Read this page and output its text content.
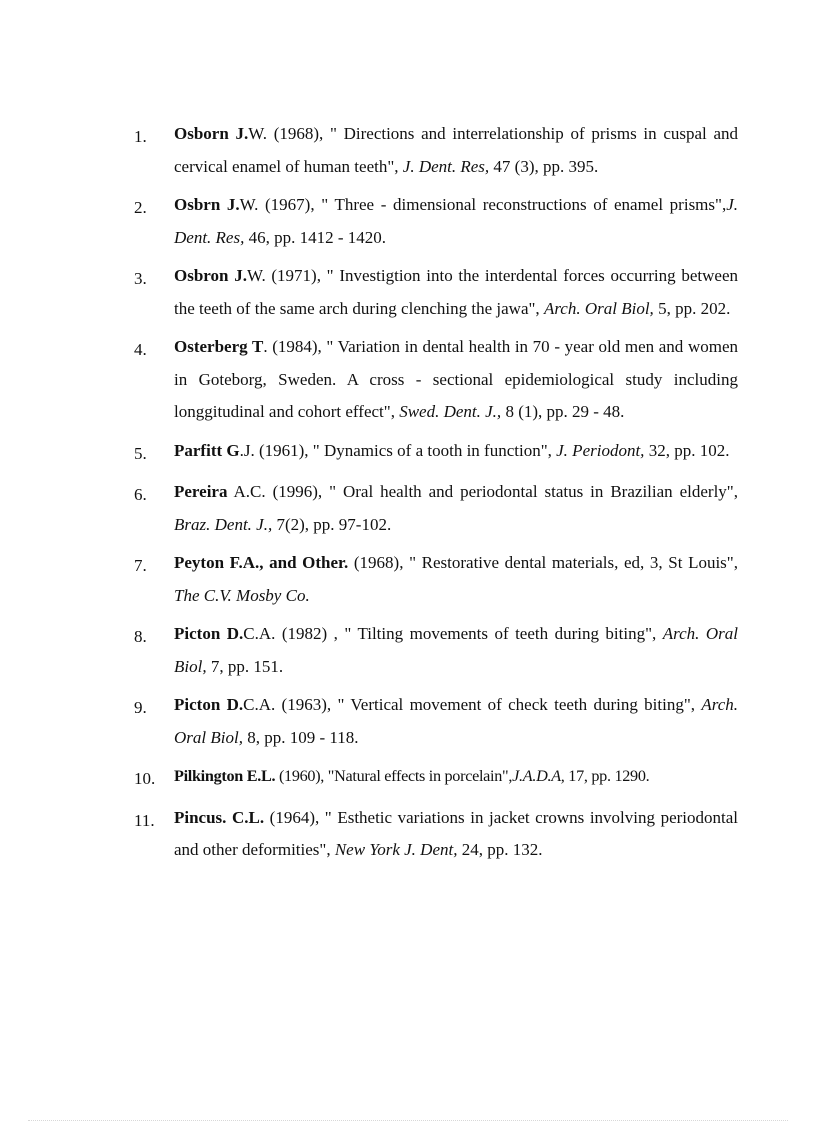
1.	Osborn J.W. (1968), " Directions and interrelationship of prisms in cuspal and cervical enamel of human teeth", J. Dent. Res, 47 (3), pp. 395.
2.	Osbrn J.W. (1967), " Three - dimensional reconstructions of enamel prisms",J. Dent. Res, 46, pp. 1412 - 1420.
3.	Osbron J.W. (1971), " Investigtion into the interdental forces occurring between the teeth of the same arch during clenching the jawa", Arch. Oral Biol, 5, pp. 202.
4.	Osterberg T. (1984), " Variation in dental health in 70 - year old men and women in Goteborg, Sweden. A cross - sectional epidemiological study including longgitudinal and cohort effect", Swed. Dent. J., 8 (1), pp. 29 - 48.
5.	Parfitt G.J. (1961), " Dynamics of a tooth in function", J. Periodont, 32, pp. 102.
6.	Pereira A.C. (1996), " Oral health and periodontal status in Brazilian elderly", Braz. Dent. J., 7(2), pp. 97-102.
7.	Peyton F.A., and Other. (1968), " Restorative dental materials, ed, 3, St Louis", The C.V. Mosby Co.
8.	Picton D.C.A. (1982) , " Tilting movements of teeth during biting", Arch. Oral Biol, 7, pp. 151.
9.	Picton D.C.A. (1963), " Vertical movement of check teeth during biting", Arch. Oral Biol, 8, pp. 109 - 118.
10.	Pilkington E.L. (1960), "Natural effects in porcelain",J.A.D.A, 17, pp. 1290.
11.	Pincus. C.L. (1964), " Esthetic variations in jacket crowns involving periodontal and other deformities", New York J. Dent, 24, pp. 132.
